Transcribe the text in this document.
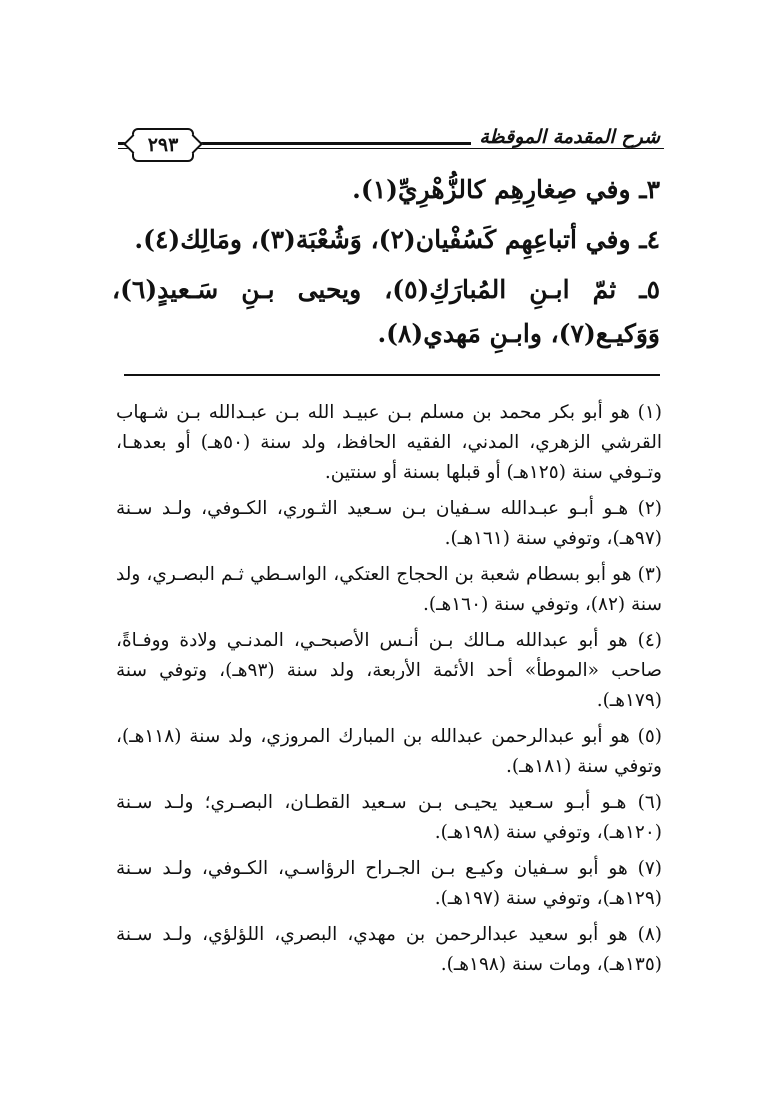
٢٩٣	شرح المقدمة الموقظة

٣ـ وفي صِغارِهِم كالزُّهْرِيِّ(١).

٤ـ وفي أتباعِهِم كَسُفْيان(٢)، وَشُعْبَة(٣)، ومَالِك(٤).

٥ـ ثمّ ابـنِ المُبارَكِ(٥)، ويحيى بـنِ سَـعيدٍ(٦)، وَوَكيـع(٧)، وابـنِ مَهدي(٨).

(١) هو أبو بكر محمد بن مسلم بـن عبيـد الله بـن عبـدالله بـن شـهاب القرشي الزهري، المدني، الفقيه الحافظ، ولد سنة (٥٠هـ) أو بعدهـا، وتـوفي سنة (١٢٥هـ) أو قبلها بسنة أو سنتين.

(٢) هـو أبـو عبـدالله سـفيان بـن سـعيد الثـوري، الكـوفي، ولـد سـنة (٩٧هـ)، وتوفي سنة (١٦١هـ).

(٣) هو أبو بسطام شعبة بن الحجاج العتكي، الواسـطي ثـم البصـري، ولد سنة (٨٢)، وتوفي سنة (١٦٠هـ).

(٤) هو أبو عبدالله مـالك بـن أنـس الأصبحـي، المدنـي ولادة ووفـاةً، صاحب «الموطأ» أحد الأئمة الأربعة، ولد سنة (٩٣هـ)، وتوفي سنة (١٧٩هـ).

(٥) هو أبو عبدالرحمن عبدالله بن المبارك المروزي، ولد سنة (١١٨هـ)، وتوفي سنة (١٨١هـ).

(٦) هـو أبـو سـعيد يحيـى بـن سـعيد القطـان، البصـري؛ ولـد سـنة (١٢٠هـ)، وتوفي سنة (١٩٨هـ).

(٧) هو أبو سـفيان وكيـع بـن الجـراح الرؤاسـي، الكـوفي، ولـد سـنة (١٢٩هـ)، وتوفي سنة (١٩٧هـ).

(٨) هو أبو سعيد عبدالرحمن بن مهدي، البصري، اللؤلؤي، ولـد سـنة (١٣٥هـ)، ومات سنة (١٩٨هـ).
